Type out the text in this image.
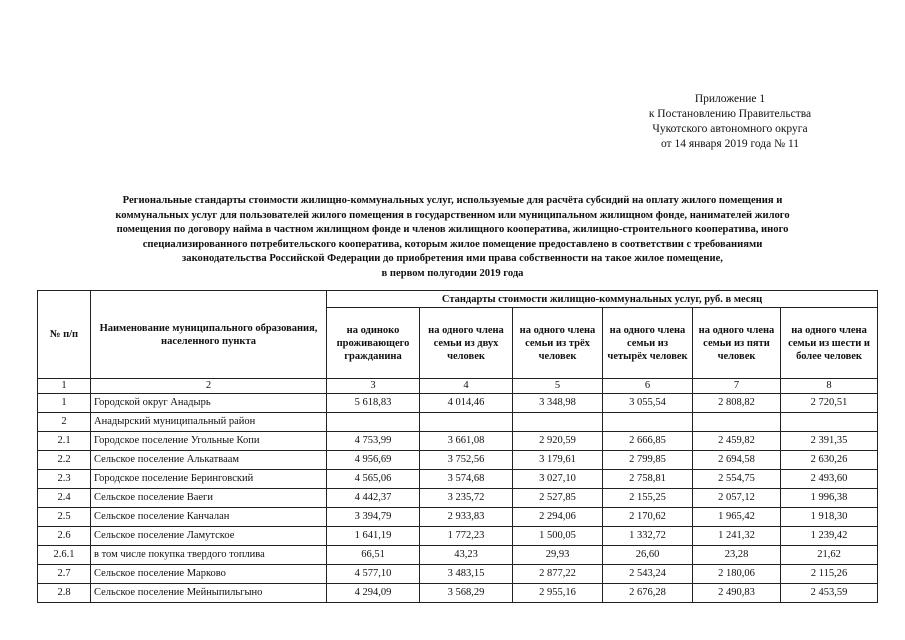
Приложение 1
к Постановлению Правительства
Чукотского автономного округа
от 14 января 2019 года № 11
Региональные стандарты стоимости жилищно-коммунальных услуг, используемые для расчёта субсидий на оплату жилого помещения и
коммунальных услуг для пользователей жилого помещения в государственном или муниципальном жилищном фонде, нанимателей жилого
помещения по договору найма в частном жилищном фонде и членов жилищного кооператива, жилищно-строительного кооператива, иного
специализированного потребительского кооператива, которым жилое помещение предоставлено в соответствии с требованиями
законодательства Российской Федерации до приобретения ими права собственности на такое жилое помещение,
в первом полугодии 2019 года
№ п/п	Наименование муниципального образования, населенного пункта	Стандарты стоимости жилищно-коммунальных услуг, руб. в месяц					
		на одиноко проживающего гражданина	на одного члена семьи из двух человек	на одного члена семьи из трёх человек	на одного члена семьи из четырёх человек	на одного члена семьи из пяти человек	на одного члена семьи из шести и более человек
1	2	3	4	5	6	7	8
1	Городской округ Анадырь	5 618,83	4 014,46	3 348,98	3 055,54	2 808,82	2 720,51
2	Анадырский муниципальный район						
2.1	Городское поселение Угольные Копи	4 753,99	3 661,08	2 920,59	2 666,85	2 459,82	2 391,35
2.2	Сельское поселение Алькатваам	4 956,69	3 752,56	3 179,61	2 799,85	2 694,58	2 630,26
2.3	Городское поселение Беринговский	4 565,06	3 574,68	3 027,10	2 758,81	2 554,75	2 493,60
2.4	Сельское поселение Ваеги	4 442,37	3 235,72	2 527,85	2 155,25	2 057,12	1 996,38
2.5	Сельское поселение Канчалан	3 394,79	2 933,83	2 294,06	2 170,62	1 965,42	1 918,30
2.6	Сельское поселение Ламутское	1 641,19	1 772,23	1 500,05	1 332,72	1 241,32	1 239,42
2.6.1	в том числе покупка твердого топлива	66,51	43,23	29,93	26,60	23,28	21,62
2.7	Сельское поселение Марково	4 577,10	3 483,15	2 877,22	2 543,24	2 180,06	2 115,26
2.8	Сельское поселение Мейныпильгыно	4 294,09	3 568,29	2 955,16	2 676,28	2 490,83	2 453,59
